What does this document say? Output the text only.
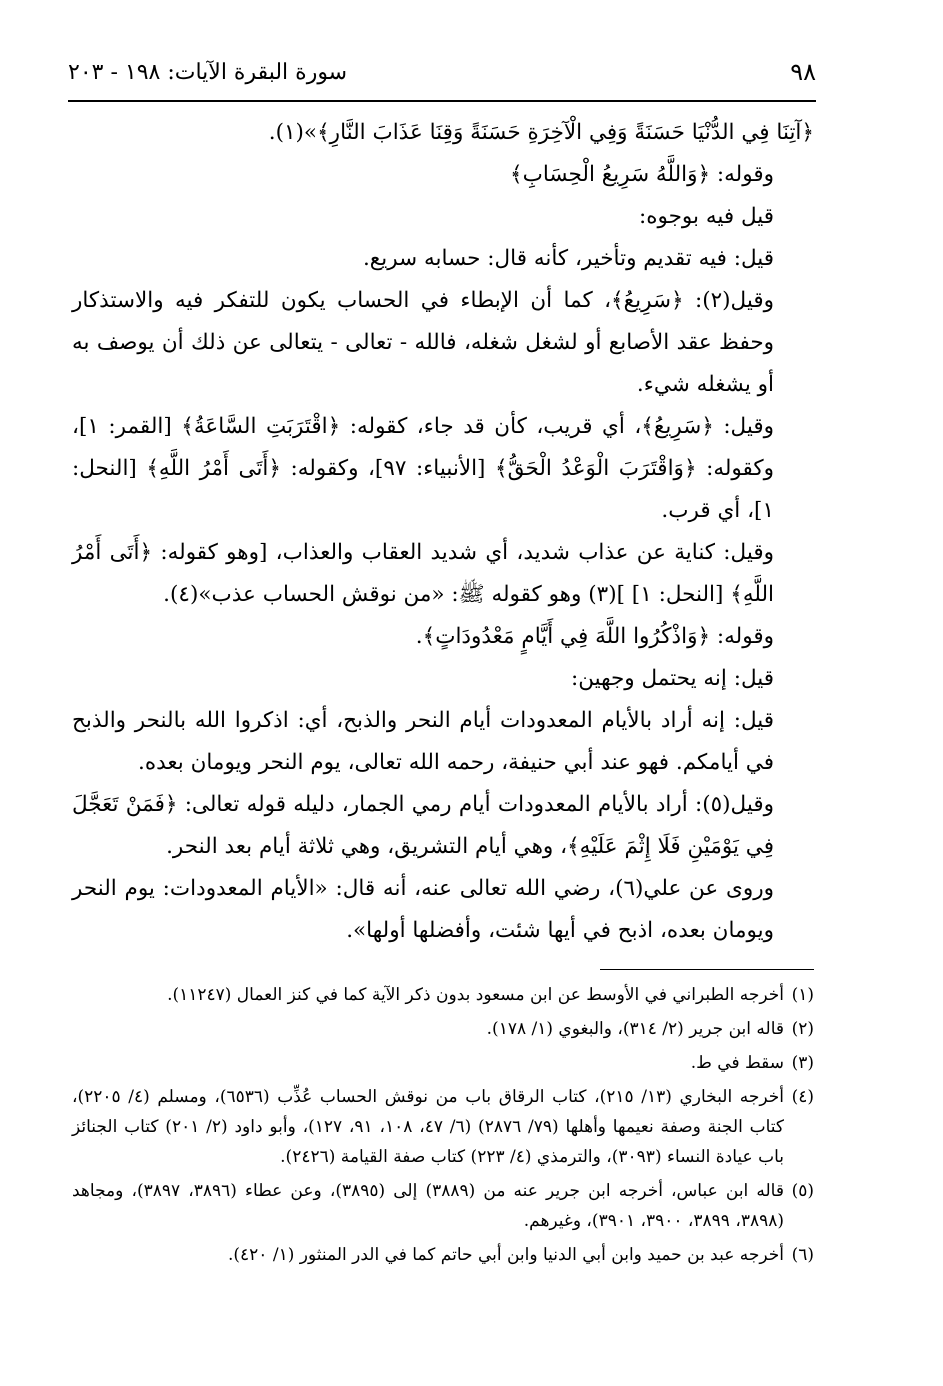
٩٨
سورة البقرة الآيات: ١٩٨ - ٢٠٣

﴿آتِنَا فِي الدُّنْيَا حَسَنَةً وَفِي الْآخِرَةِ حَسَنَةً وَقِنَا عَذَابَ النَّارِ﴾»(١).

وقوله: ﴿وَاللَّهُ سَرِيعُ الْحِسَابِ﴾

قيل فيه بوجوه:

قيل: فيه تقديم وتأخير، كأنه قال: حسابه سريع.

وقيل(٢): ﴿سَرِيعُ﴾، كما أن الإبطاء في الحساب يكون للتفكر فيه والاستذكار وحفظ عقد الأصابع أو لشغل شغله، فالله - تعالى - يتعالى عن ذلك أن يوصف به أو يشغله شيء.

وقيل: ﴿سَرِيعُ﴾، أي قريب، كأن قد جاء، كقوله: ﴿اقْتَرَبَتِ السَّاعَةُ﴾ [القمر: ١]، وكقوله: ﴿وَاقْتَرَبَ الْوَعْدُ الْحَقُّ﴾ [الأنبياء: ٩٧]، وكقوله: ﴿أَتَى أَمْرُ اللَّهِ﴾ [النحل: ١]، أي قرب.

وقيل: كناية عن عذاب شديد، أي شديد العقاب والعذاب، [وهو كقوله: ﴿أَتَى أَمْرُ اللَّهِ﴾ [النحل: ١] ](٣) وهو كقوله ﷺ: «من نوقش الحساب عذب»(٤).

وقوله: ﴿وَاذْكُرُوا اللَّهَ فِي أَيَّامٍ مَعْدُودَاتٍ﴾.

قيل: إنه يحتمل وجهين:

قيل: إنه أراد بالأيام المعدودات أيام النحر والذبح، أي: اذكروا الله بالنحر والذبح في أيامكم. فهو عند أبي حنيفة، رحمه الله تعالى، يوم النحر ويومان بعده.

وقيل(٥): أراد بالأيام المعدودات أيام رمي الجمار، دليله قوله تعالى: ﴿فَمَنْ تَعَجَّلَ فِي يَوْمَيْنِ فَلَا إِثْمَ عَلَيْهِ﴾، وهي أيام التشريق، وهي ثلاثة أيام بعد النحر.

وروى عن علي(٦)، رضي الله تعالى عنه، أنه قال: «الأيام المعدودات: يوم النحر ويومان بعده، اذبح في أيها شئت، وأفضلها أولها».

(١)
أخرجه الطبراني في الأوسط عن ابن مسعود بدون ذكر الآية كما في كنز العمال (١١٢٤٧).
(٢)
قاله ابن جرير (٢/ ٣١٤)، والبغوي (١/ ١٧٨).
(٣)
سقط في ط.
(٤)
أخرجه البخاري (١٣/ ٢١٥)، كتاب الرقاق باب من نوقش الحساب عُذِّب (٦٥٣٦)، ومسلم (٤/ ٢٢٠٥)، كتاب الجنة وصفة نعيمها وأهلها (٧٩/ ٢٨٧٦) (٦/ ٤٧، ١٠٨، ٩١، ١٢٧)، وأبو داود (٢/ ٢٠١) كتاب الجنائز باب عيادة النساء (٣٠٩٣)، والترمذي (٤/ ٢٢٣) كتاب صفة القيامة (٢٤٢٦).
(٥)
قاله ابن عباس، أخرجه ابن جرير عنه من (٣٨٨٩) إلى (٣٨٩٥)، وعن عطاء (٣٨٩٦، ٣٨٩٧)، ومجاهد (٣٨٩٨، ٣٨٩٩، ٣٩٠٠، ٣٩٠١)، وغيرهم.
(٦)
أخرجه عبد بن حميد وابن أبي الدنيا وابن أبي حاتم كما في الدر المنثور (١/ ٤٢٠).
